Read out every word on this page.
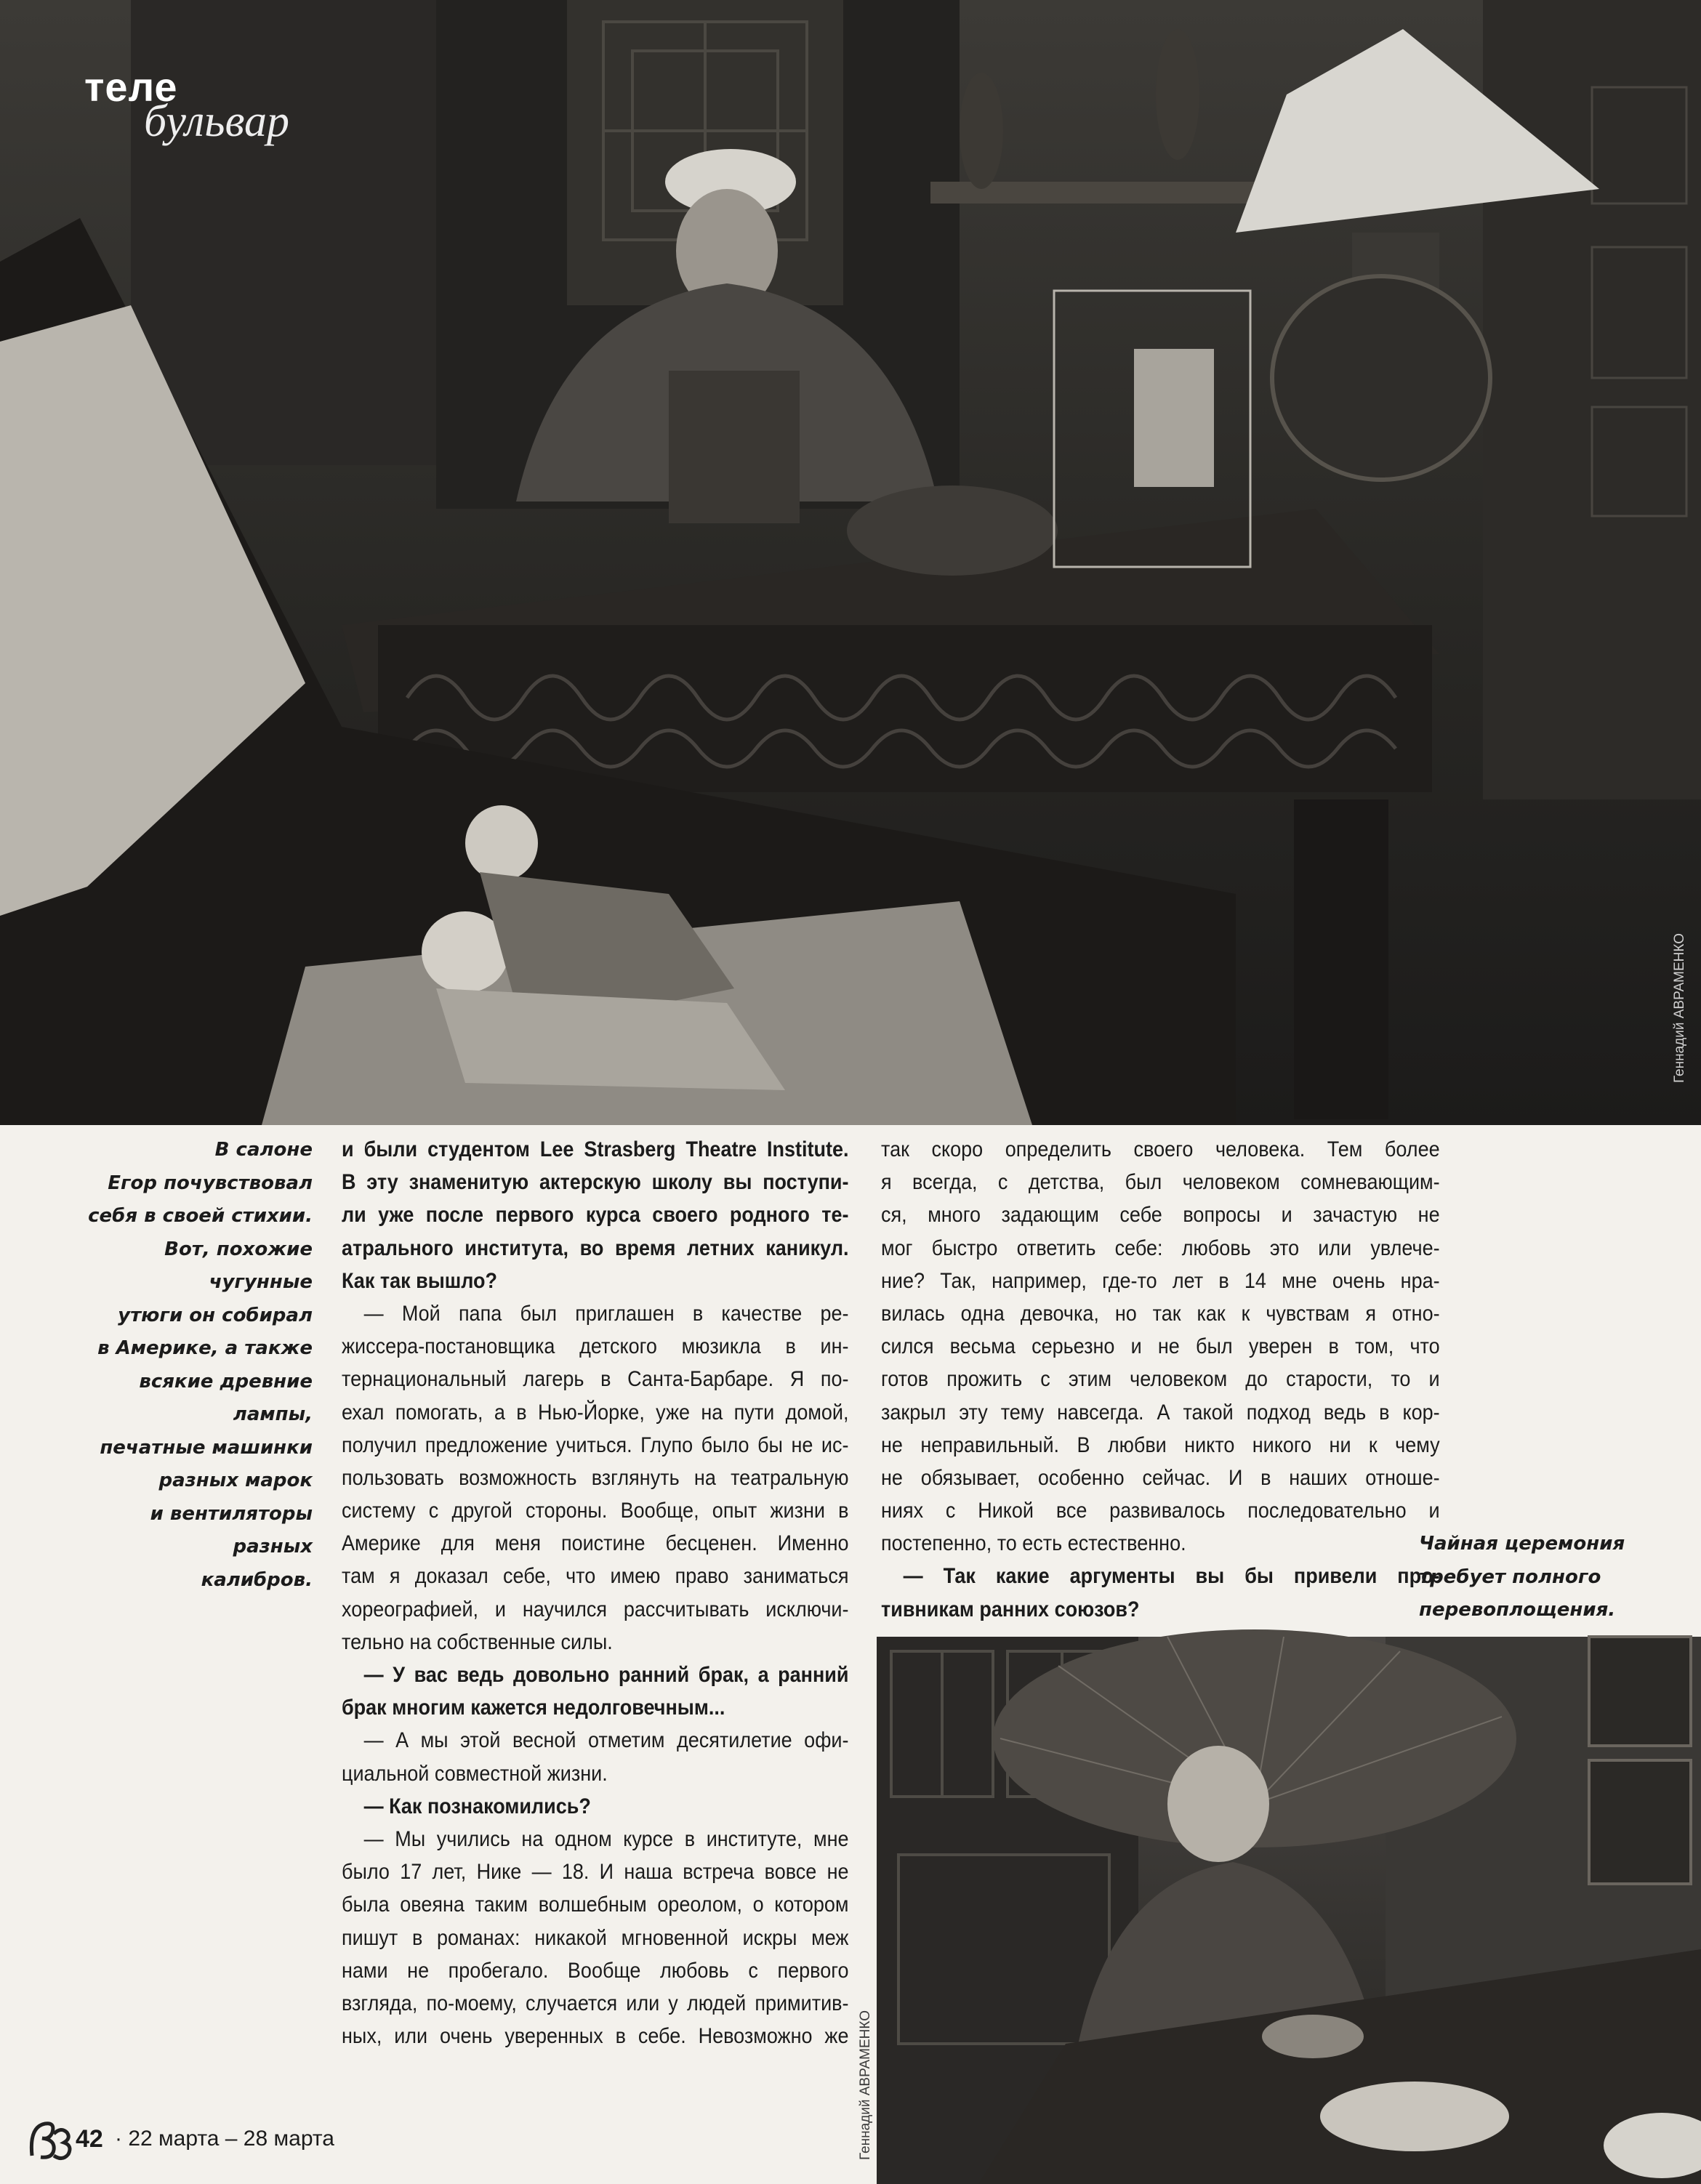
теле
бульвар
Геннадий АВРАМЕНКО
В салоне
Егор почувствовал
себя в своей стихии.
Вот, похожие чугунные
утюги он собирал
в Америке, а также
всякие древние лампы,
печатные машинки
разных марок
и вентиляторы разных
калибров.
и были студентом Lee Strasberg Theatre Institute.
В эту знаменитую актерскую школу вы поступи-
ли уже после первого курса своего родного те-
атрального института, во время летних каникул.
Как так вышло?
— Мой папа был приглашен в качестве ре-
жиссера-постановщика детского мюзикла в ин-
тернациональный лагерь в Санта-Барбаре. Я по-
ехал помогать, а в Нью-Йорке, уже на пути домой,
получил предложение учиться. Глупо было бы не ис-
пользовать возможность взглянуть на театральную
систему с другой стороны. Вообще, опыт жизни в
Америке для меня поистине бесценен. Именно
там я доказал себе, что имею право заниматься
хореографией, и научился рассчитывать исключи-
тельно на собственные силы.
— У вас ведь довольно ранний брак, а ранний
брак многим кажется недолговечным...
— А мы этой весной отметим десятилетие офи-
циальной совместной жизни.
— Как познакомились?
— Мы учились на одном курсе в институте, мне
было 17 лет, Нике — 18. И наша встреча вовсе не
была овеяна таким волшебным ореолом, о котором
пишут в романах: никакой мгновенной искры меж
нами не пробегало. Вообще любовь с первого
взгляда, по-моему, случается или у людей примитив-
ных, или очень уверенных в себе. Невозможно же
так скоро определить своего человека. Тем более
я всегда, с детства, был человеком сомневающим-
ся, много задающим себе вопросы и зачастую не
мог быстро ответить себе: любовь это или увлече-
ние? Так, например, где-то лет в 14 мне очень нра-
вилась одна девочка, но так как к чувствам я отно-
сился весьма серьезно и не был уверен в том, что
готов прожить с этим человеком до старости, то и
закрыл эту тему навсегда. А такой подход ведь в кор-
не неправильный. В любви никто никого ни к чему
не обязывает, особенно сейчас. И в наших отноше-
ниях с Никой все развивалось последовательно и
постепенно, то есть естественно.
— Так какие аргументы вы бы привели про-
тивникам ранних союзов?
Чайная церемония
требует полного
перевоплощения.
Геннадий АВРАМЕНКО
42 · 22 марта – 28 марта
